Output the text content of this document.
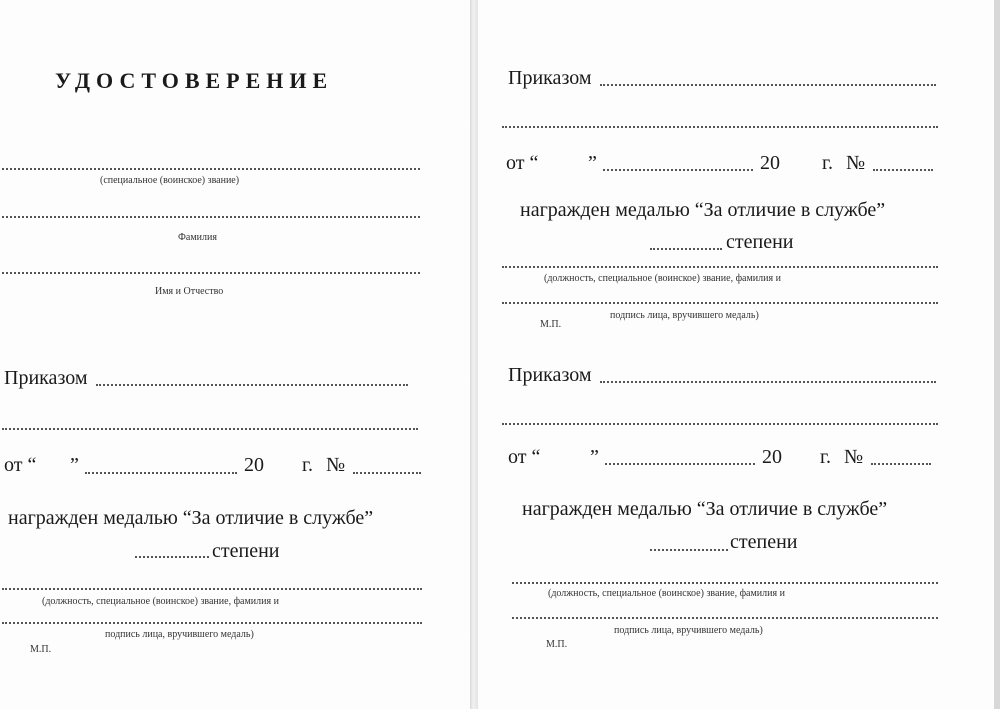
УДОСТОВЕРЕНИЕ
(специальное (воинское) звание)
Фамилия
Имя и Отчество
Приказом
от “ ”	20 г. №
награжден медалью “За отличие в службе”
степени
(должность, специальное (воинское) звание, фамилия и
подпись лица, вручившего медаль)
М.П.
Приказом
от “ ”	20 г. №
награжден медалью “За отличие в службе”
степени
(должность, специальное (воинское) звание, фамилия и
подпись лица, вручившего медаль)
М.П.
Приказом
от “ ”	20 г. №
награжден медалью “За отличие в службе”
степени
(должность, специальное (воинское) звание, фамилия и
подпись лица, вручившего медаль)
М.П.
